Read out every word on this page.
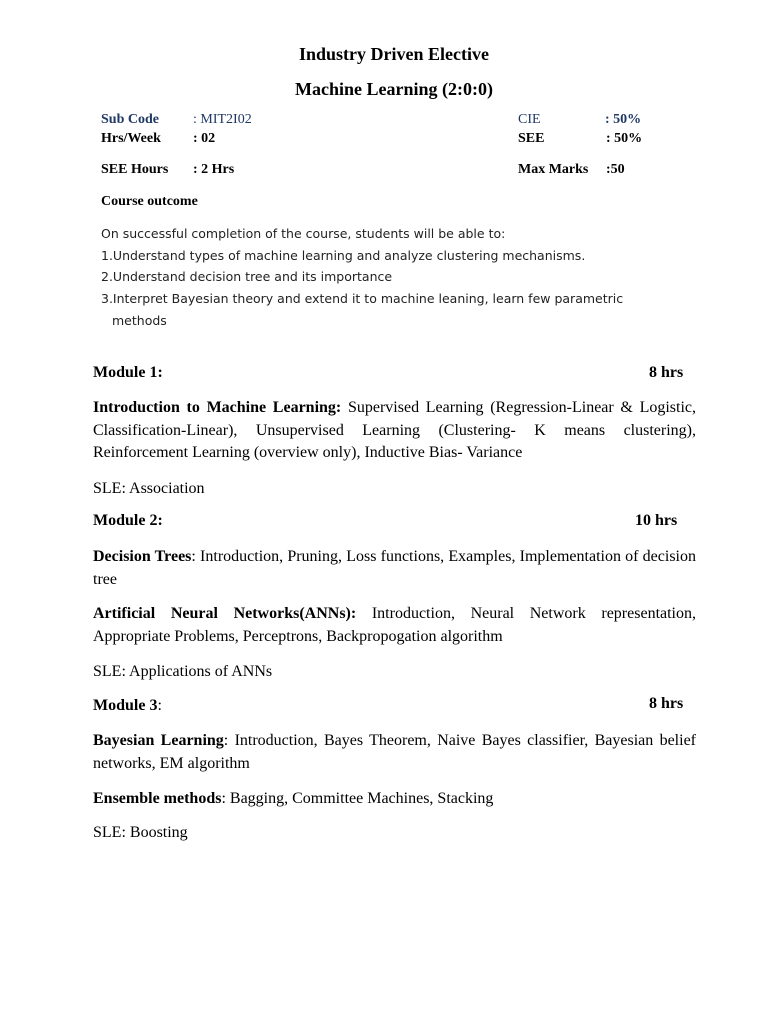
Industry Driven Elective
Machine Learning (2:0:0)
Sub Code : MIT2I02	CIE	: 50%
Hrs/Week : 02	SEE	: 50%
SEE Hours : 2 Hrs	Max Marks :50
Course outcome
On successful completion of the course, students will be able to:
1.Understand types of machine learning and analyze clustering mechanisms.
2.Understand decision tree and its importance
3.Interpret Bayesian theory and extend it to machine leaning, learn few parametric
methods
Module 1:	8 hrs
Introduction to Machine Learning: Supervised Learning (Regression-Linear & Logistic, Classification-Linear), Unsupervised Learning (Clustering- K means clustering), Reinforcement Learning (overview only), Inductive Bias- Variance
SLE: Association
Module 2:	10 hrs
Decision Trees: Introduction, Pruning, Loss functions, Examples, Implementation of decision tree
Artificial Neural Networks(ANNs): Introduction, Neural Network representation, Appropriate Problems, Perceptrons, Backpropogation algorithm
SLE: Applications of ANNs
Module 3:	8 hrs
Bayesian Learning: Introduction, Bayes Theorem, Naive Bayes classifier, Bayesian belief networks, EM algorithm
Ensemble methods: Bagging, Committee Machines, Stacking
SLE: Boosting
